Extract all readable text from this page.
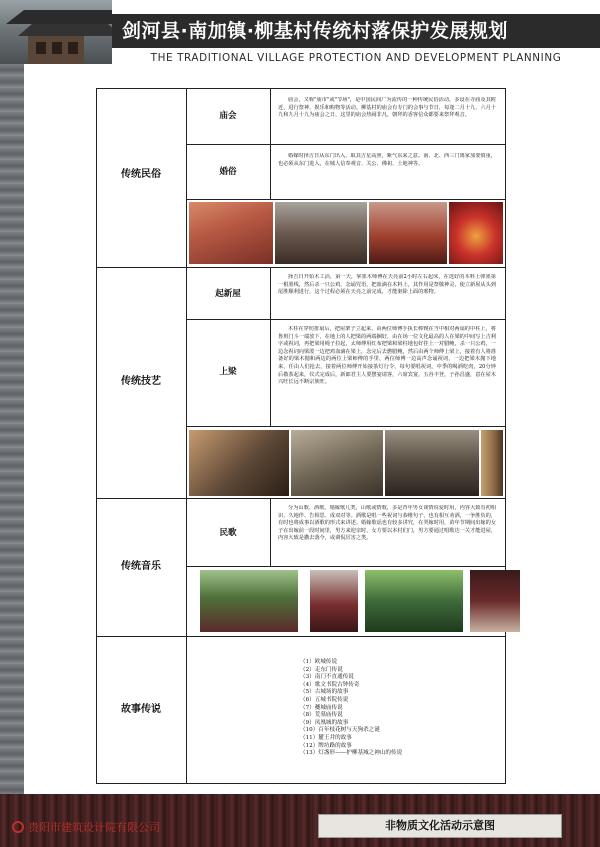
剑河县·南加镇·柳基村传统村落保护发展规划
THE TRADITIONAL VILLAGE PROTECTION AND DEVELOPMENT PLANNING
传统民俗
庙会
庙会，又称"庙市"或"节场"，是中国民间广为流传的一种传统民俗活动，多设在寺庙及其附近，进行祭神、娱乐和购物等活动。柳基村的庙会有专门的会事与节日，每逢二月十九、六月十九和九月十九为庙会之日，这里的庙会热闹非凡，朝拜的香客信众都要来祭拜观音。
婚俗
婚嫁时择吉日从东门出入，取其吉星高照，紫气东来之意。南、北、西三门离家加要慎重，也必须从东门进入，在城人信奉观音、关公、佛祖、土地神等。
传统技艺
起新屋
择吉日开始木工活，第一天，掌墨木师傅在天亮前2小时左右起床，在选好的木料上弹墨第一根墨线，然后杀一只公鸡，念诵咒语，把血滴在木料上，其作用是祭敬神灵，使立新屋从头到尾胜顺利进行，这个过程必须在天亮之前完成，才能驱除上面的邪物。
上梁
木柱在穿枋排扇后，把屋架子立起来，由两位师傅手执长棒锲在当中相对两扇的中柱上，将鲁班门斗一端放下，在地上的人把梁的两端捆好，由在场一位文化最高的人在梁的中间写上吉利字或祝词，再把梁用绳子拉起，太师傅用红布把梁和梁柱地包好挂上一对腊鲍，杀一只公鸡，一边念祝词向梁泼一边把鸡血滴在梁上，念完后去燃腊鲍，然后由两个师傅上梁上，接着有人将准备好的梁木抛和两边的两位上梁师傅的手里，两位师傅一边高声念诵祝词，一边把梁木抛下地来，任由人们抢去，接着两位师傅开始接茶灯行令，每句要唱祝词，中季的喝酒吃肉，20分钟后敬茶起来，仪式完成后，新郎君主人要摆宴请客，六席宾宴，五谷丰登，子孙昌盛，意在屋木兴旺长远不断宗族旺。
传统音乐
民歌
分为山歌、酒歌、婚嫁歌几类，山歌或情歌，多是青年男女谈情说爱时用，内容大致有初相识、久地伴、告相思、成双对等。酒歌是唱一些祝词与恭维句子，也有相互劝酒，一争胜负的，有时也将成事以酒歌的形式来讲述。婚嫁歌谣也有较多讲究，在哭嫁时用，苗年节期间出嫁的女子在出嫁前一段时间里，男方来迎亲时，女方要以本村们门，男方要通过唱歌达一关才能进屋，内容大致是撒去落今，或调侃厉害之类。
故事传说
（1）欧城传说
（2）走东门传说
（3）南门不直通传说
（4）歌文书院古钟传奇
（5）古城场的故事
（6）五城书院传说
（7）夔城庙传说
（8）荒墓庙传说
（9）凤凰城的故事
（10）百年枝花树与天狗杀之谜
（11）麓王井的故事
（12）牌坊路的故事
（13）灯盏形——护柳基城之神山的传说
贵阳市建筑设计院有限公司	非物质文化活动示意图
